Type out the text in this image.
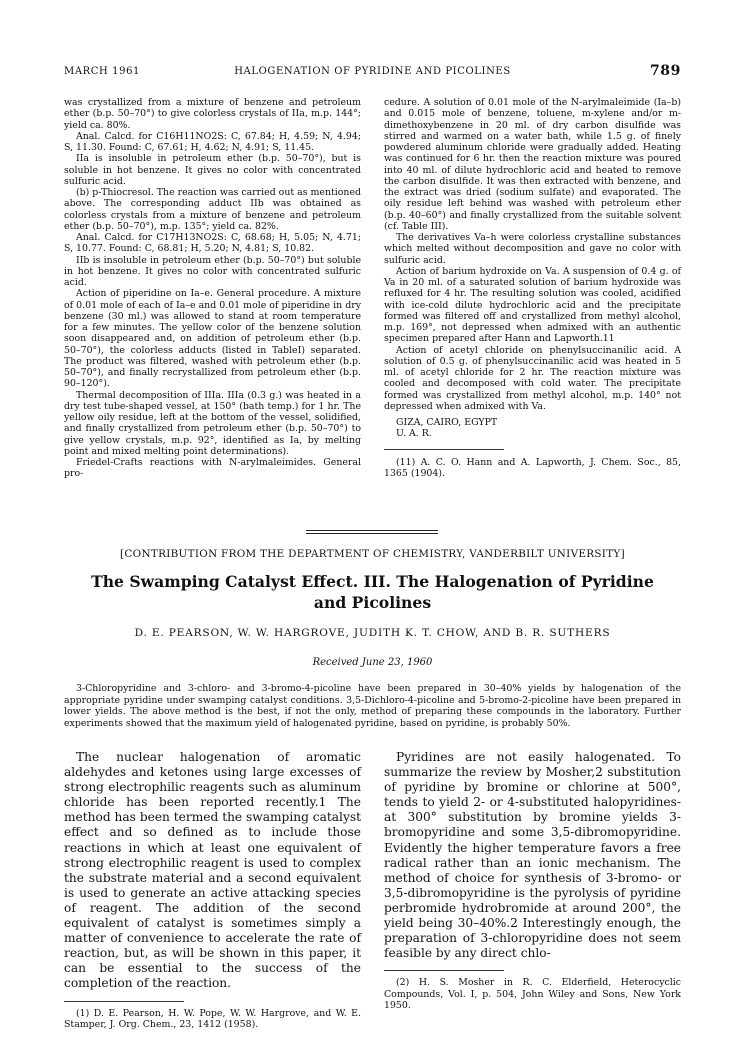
MARCH 1961	HALOGENATION OF PYRIDINE AND PICOLINES	789

was crystallized from a mixture of benzene and petroleum ether (b.p. 50–70°) to give colorless crystals of IIa, m.p. 144°; yield ca. 80%.

Anal. Calcd. for C16H11NO2S: C, 67.84; H, 4.59; N, 4.94; S, 11.30. Found: C, 67.61; H, 4.62; N, 4.91; S, 11.45.

IIa is insoluble in petroleum ether (b.p. 50–70°), but is soluble in hot benzene. It gives no color with concentrated sulfuric acid.

(b) p-Thiocresol. The reaction was carried out as mentioned above. The corresponding adduct IIb was obtained as colorless crystals from a mixture of benzene and petroleum ether (b.p. 50–70°), m.p. 135°; yield ca. 82%.

Anal. Calcd. for C17H13NO2S: C, 68.68; H, 5.05; N, 4.71; S, 10.77. Found: C, 68.81; H, 5.20; N, 4.81; S, 10.82.

IIb is insoluble in petroleum ether (b.p. 50–70°) but soluble in hot benzene. It gives no color with concentrated sulfuric acid.

Action of piperidine on Ia–e. General procedure. A mixture of 0.01 mole of each of Ia–e and 0.01 mole of piperidine in dry benzene (30 ml.) was allowed to stand at room temperature for a few minutes. The yellow color of the benzene solution soon disappeared and, on addition of petroleum ether (b.p. 50–70°), the colorless adducts (listed in TableI) separated. The product was filtered, washed with petroleum ether (b.p. 50–70°), and finally recrystallized from petroleum ether (b.p. 90–120°).

Thermal decomposition of IIIa. IIIa (0.3 g.) was heated in a dry test tube-shaped vessel, at 150° (bath temp.) for 1 hr. The yellow oily residue, left at the bottom of the vessel, solidified, and finally crystallized from petroleum ether (b.p. 50–70°) to give yellow crystals, m.p. 92°, identified as Ia, by melting point and mixed melting point determinations).

Friedel-Crafts reactions with N-arylmaleimides. General pro-

cedure. A solution of 0.01 mole of the N-arylmaleimide (Ia–b) and 0.015 mole of benzene, toluene, m-xylene and/or m-dimethoxybenzene in 20 ml. of dry carbon disulfide was stirred and warmed on a water bath, while 1.5 g. of finely powdered aluminum chloride were gradually added. Heating was continued for 6 hr. then the reaction mixture was poured into 40 ml. of dilute hydrochloric acid and heated to remove the carbon disulfide. It was then extracted with benzene, and the extract was dried (sodium sulfate) and evaporated. The oily residue left behind was washed with petroleum ether (b.p. 40–60°) and finally crystallized from the suitable solvent (cf. Table III).

The derivatives Va–h were colorless crystalline substances which melted without decomposition and gave no color with sulfuric acid.

Action of barium hydroxide on Va. A suspension of 0.4 g. of Va in 20 ml. of a saturated solution of barium hydroxide was refluxed for 4 hr. The resulting solution was cooled, acidified with ice-cold dilute hydrochloric acid and the precipitate formed was filtered off and crystallized from methyl alcohol, m.p. 169°, not depressed when admixed with an authentic specimen prepared after Hann and Lapworth.11

Action of acetyl chloride on phenylsuccinanilic acid. A solution of 0.5 g. of phenylsuccinanilic acid was heated in 5 ml. of acetyl chloride for 2 hr. The reaction mixture was cooled and decomposed with cold water. The precipitate formed was crystallized from methyl alcohol, m.p. 140° not depressed when admixed with Va.

GIZA, CAIRO, EGYPT

U. A. R.

(11) A. C. O. Hann and A. Lapworth, J. Chem. Soc., 85, 1365 (1904).

[CONTRIBUTION FROM THE DEPARTMENT OF CHEMISTRY, VANDERBILT UNIVERSITY]
The Swamping Catalyst Effect. III. The Halogenation of Pyridine and Picolines
D. E. PEARSON, W. W. HARGROVE, JUDITH K. T. CHOW, AND B. R. SUTHERS
Received June 23, 1960
3-Chloropyridine and 3-chloro- and 3-bromo-4-picoline have been prepared in 30–40% yields by halogenation of the appropriate pyridine under swamping catalyst conditions. 3,5-Dichloro-4-picoline and 5-bromo-2-picoline have been prepared in lower yields. The above method is the best, if not the only, method of preparing these compounds in the laboratory. Further experiments showed that the maximum yield of halogenated pyridine, based on pyridine, is probably 50%.

The nuclear halogenation of aromatic aldehydes and ketones using large excesses of strong electrophilic reagents such as aluminum chloride has been reported recently.1 The method has been termed the swamping catalyst effect and so defined as to include those reactions in which at least one equivalent of strong electrophilic reagent is used to complex the substrate material and a second equivalent is used to generate an active attacking species of reagent. The addition of the second equivalent of catalyst is sometimes simply a matter of convenience to accelerate the rate of reaction, but, as will be shown in this paper, it can be essential to the success of the completion of the reaction.

(1) D. E. Pearson, H. W. Pope, W. W. Hargrove, and W. E. Stamper, J. Org. Chem., 23, 1412 (1958).

Pyridines are not easily halogenated. To summarize the review by Mosher,2 substitution of pyridine by bromine or chlorine at 500°, tends to yield 2- or 4-substituted halopyridines- at 300° substitution by bromine yields 3-bromopyridine and some 3,5-dibromopyridine. Evidently the higher temperature favors a free radical rather than an ionic mechanism. The method of choice for synthesis of 3-bromo- or 3,5-dibromopyridine is the pyrolysis of pyridine perbromide hydrobromide at around 200°, the yield being 30–40%.2 Interestingly enough, the preparation of 3-chloropyridine does not seem feasible by any direct chlo-

(2) H. S. Mosher in R. C. Elderfield, Heterocyclic Compounds, Vol. I, p. 504, John Wiley and Sons, New York 1950.
